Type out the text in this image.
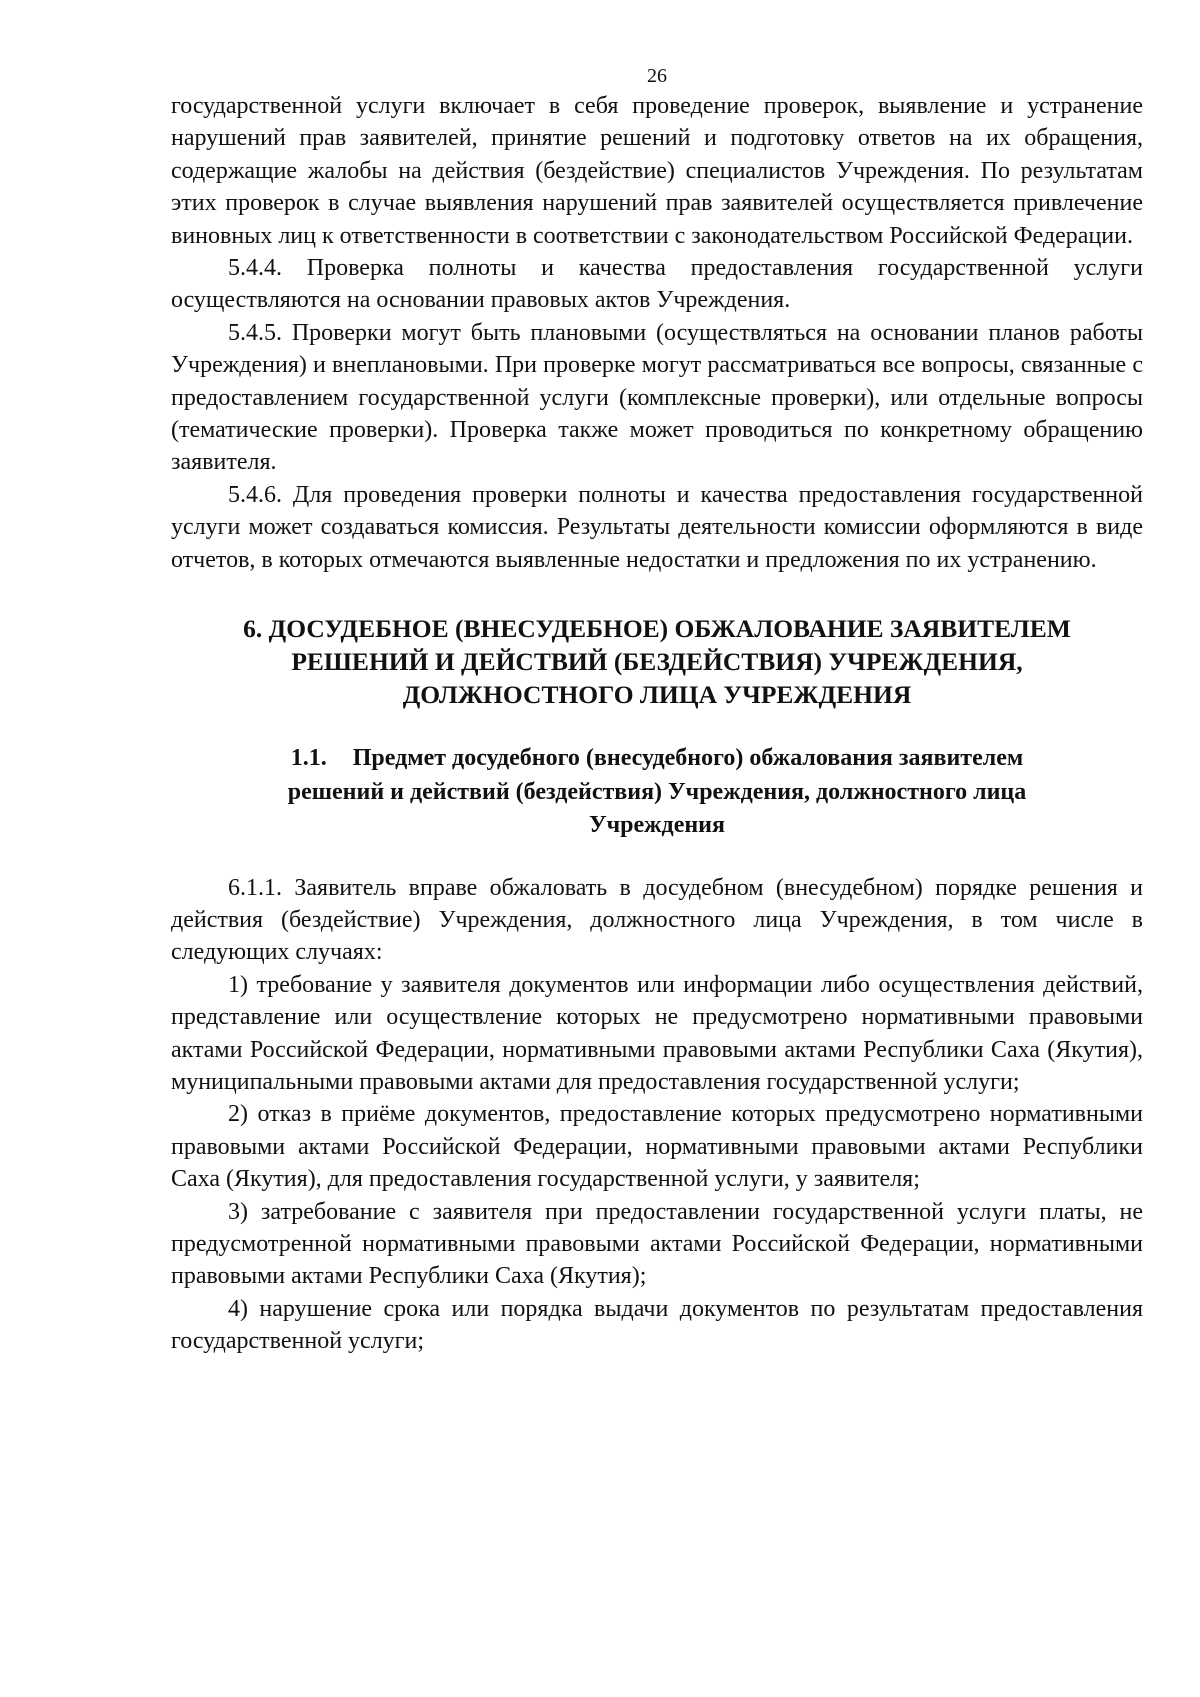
26

государственной услуги включает в себя проведение проверок, выявление и устранение нарушений прав заявителей, принятие решений и подготовку ответов на их обращения, содержащие жалобы на действия (бездействие) специалистов Учреждения. По результатам этих проверок в случае выявления нарушений прав заявителей осуществляется привлечение виновных лиц к ответственности в соответствии с законодательством Российской Федерации.

5.4.4. Проверка полноты и качества предоставления государственной услуги осуществляются на основании правовых актов Учреждения.

5.4.5. Проверки могут быть плановыми (осуществляться на основании планов работы Учреждения) и внеплановыми. При проверке могут рассматриваться все вопросы, связанные с предоставлением государственной услуги (комплексные проверки), или отдельные вопросы (тематические проверки). Проверка также может проводиться по конкретному обращению заявителя.

5.4.6. Для проведения проверки полноты и качества предоставления государственной услуги может создаваться комиссия. Результаты деятельности комиссии оформляются в виде отчетов, в которых отмечаются выявленные недостатки и предложения по их устранению.

6. ДОСУДЕБНОЕ (ВНЕСУДЕБНОЕ) ОБЖАЛОВАНИЕ ЗАЯВИТЕЛЕМ
РЕШЕНИЙ И ДЕЙСТВИЙ (БЕЗДЕЙСТВИЯ) УЧРЕЖДЕНИЯ,
ДОЛЖНОСТНОГО ЛИЦА УЧРЕЖДЕНИЯ
1.1. Предмет досудебного (внесудебного) обжалования заявителем
решений и действий (бездействия) Учреждения, должностного лица
Учреждения

6.1.1. Заявитель вправе обжаловать в досудебном (внесудебном) порядке решения и действия (бездействие) Учреждения, должностного лица Учреждения, в том числе в следующих случаях:

1) требование у заявителя документов или информации либо осуществления действий, представление или осуществление которых не предусмотрено нормативными правовыми актами Российской Федерации, нормативными правовыми актами Республики Саха (Якутия), муниципальными правовыми актами для предоставления государственной услуги;

2) отказ в приёме документов, предоставление которых предусмотрено нормативными правовыми актами Российской Федерации, нормативными правовыми актами Республики Саха (Якутия), для предоставления государственной услуги, у заявителя;

3) затребование с заявителя при предоставлении государственной услуги платы, не предусмотренной нормативными правовыми актами Российской Федерации, нормативными правовыми актами Республики Саха (Якутия);

4) нарушение срока или порядка выдачи документов по результатам предоставления государственной услуги;
